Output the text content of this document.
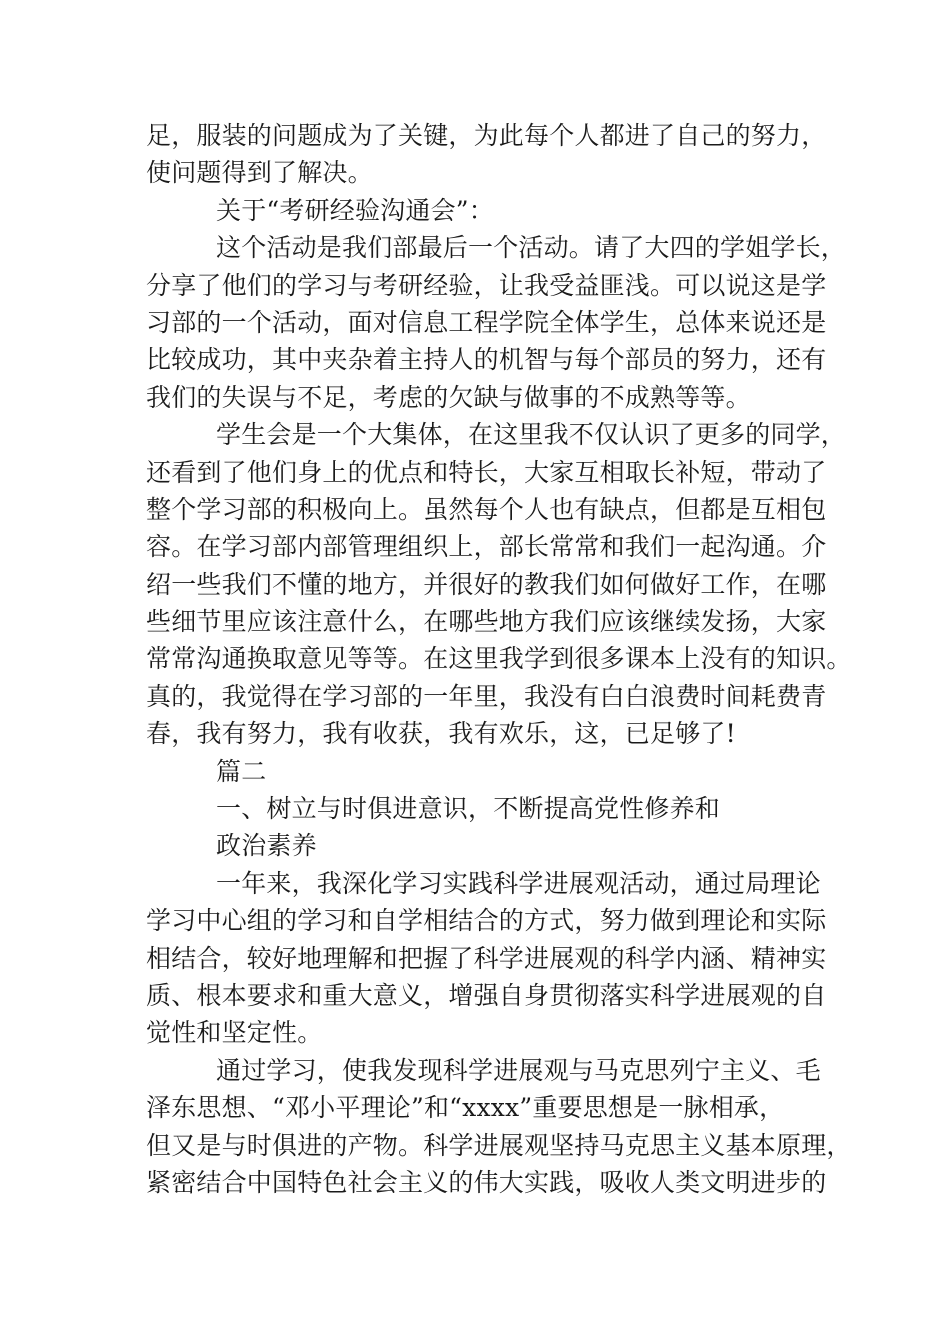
足，服装的问题成为了关键，为此每个人都进了自己的努力，
使问题得到了解决。
关于“考研经验沟通会”：
这个活动是我们部最后一个活动。请了大四的学姐学长，
分享了他们的学习与考研经验，让我受益匪浅。可以说这是学
习部的一个活动，面对信息工程学院全体学生，总体来说还是
比较成功，其中夹杂着主持人的机智与每个部员的努力，还有
我们的失误与不足，考虑的欠缺与做事的不成熟等等。
学生会是一个大集体，在这里我不仅认识了更多的同学，
还看到了他们身上的优点和特长，大家互相取长补短，带动了
整个学习部的积极向上。虽然每个人也有缺点，但都是互相包
容。在学习部内部管理组织上，部长常常和我们一起沟通。介
绍一些我们不懂的地方，并很好的教我们如何做好工作，在哪
些细节里应该注意什么，在哪些地方我们应该继续发扬，大家
常常沟通换取意见等等。在这里我学到很多课本上没有的知识。
真的，我觉得在学习部的一年里，我没有白白浪费时间耗费青
春，我有努力，我有收获，我有欢乐，这，已足够了!
篇二
一、树立与时俱进意识，不断提高党性修养和
政治素养
一年来，我深化学习实践科学进展观活动，通过局理论
学习中心组的学习和自学相结合的方式，努力做到理论和实际
相结合，较好地理解和把握了科学进展观的科学内涵、精神实
质、根本要求和重大意义，增强自身贯彻落实科学进展观的自
觉性和坚定性。
通过学习，使我发现科学进展观与马克思列宁主义、毛
泽东思想、“邓小平理论”和“xxxx”重要思想是一脉相承，
但又是与时俱进的产物。科学进展观坚持马克思主义基本原理，
紧密结合中国特色社会主义的伟大实践，吸收人类文明进步的
